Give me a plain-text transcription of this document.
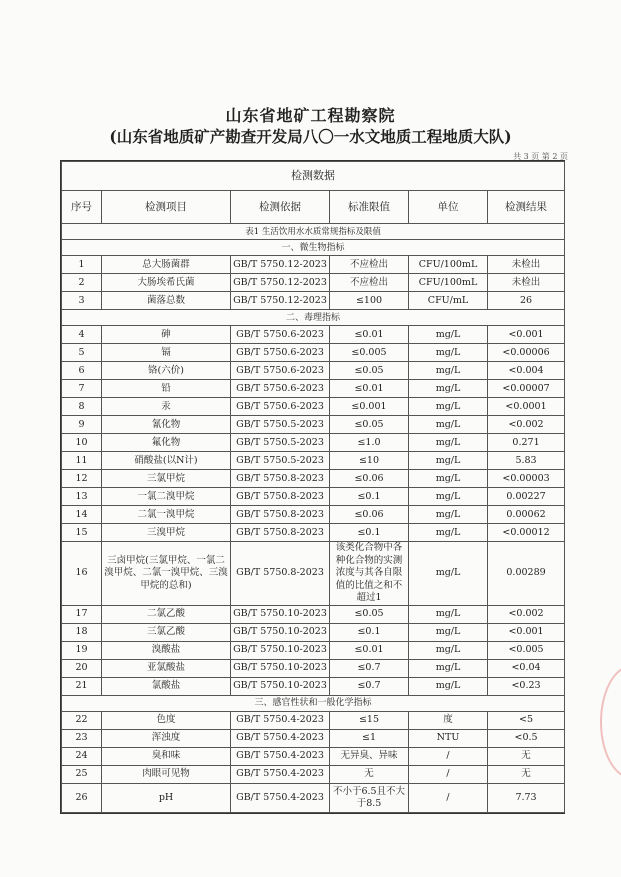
山东省地矿工程勘察院
(山东省地质矿产勘查开发局八〇一水文地质工程地质大队)
共 3 页 第 2 页
检测数据					
序号	检测项目	检测依据	标准限值	单位	检测结果
表1 生活饮用水水质常规指标及限值					
一、微生物指标					
1	总大肠菌群	GB/T 5750.12-2023	不应检出	CFU/100mL	未检出
2	大肠埃希氏菌	GB/T 5750.12-2023	不应检出	CFU/100mL	未检出
3	菌落总数	GB/T 5750.12-2023	≤100	CFU/mL	26
二、毒理指标					
4	砷	GB/T 5750.6-2023	≤0.01	mg/L	<0.001
5	镉	GB/T 5750.6-2023	≤0.005	mg/L	<0.00006
6	铬(六价)	GB/T 5750.6-2023	≤0.05	mg/L	<0.004
7	铅	GB/T 5750.6-2023	≤0.01	mg/L	<0.00007
8	汞	GB/T 5750.6-2023	≤0.001	mg/L	<0.0001
9	氰化物	GB/T 5750.5-2023	≤0.05	mg/L	<0.002
10	氟化物	GB/T 5750.5-2023	≤1.0	mg/L	0.271
11	硝酸盐(以N计)	GB/T 5750.5-2023	≤10	mg/L	5.83
12	三氯甲烷	GB/T 5750.8-2023	≤0.06	mg/L	<0.00003
13	一氯二溴甲烷	GB/T 5750.8-2023	≤0.1	mg/L	0.00227
14	二氯一溴甲烷	GB/T 5750.8-2023	≤0.06	mg/L	0.00062
15	三溴甲烷	GB/T 5750.8-2023	≤0.1	mg/L	<0.00012
16	三卤甲烷(三氯甲烷、一氯二溴甲烷、二氯一溴甲烷、三溴甲烷的总和)	GB/T 5750.8-2023	该类化合物中各种化合物的实测浓度与其各自限值的比值之和不超过1	mg/L	0.00289
17	二氯乙酸	GB/T 5750.10-2023	≤0.05	mg/L	<0.002
18	三氯乙酸	GB/T 5750.10-2023	≤0.1	mg/L	<0.001
19	溴酸盐	GB/T 5750.10-2023	≤0.01	mg/L	<0.005
20	亚氯酸盐	GB/T 5750.10-2023	≤0.7	mg/L	<0.04
21	氯酸盐	GB/T 5750.10-2023	≤0.7	mg/L	<0.23
三、感官性状和一般化学指标					
22	色度	GB/T 5750.4-2023	≤15	度	<5
23	浑浊度	GB/T 5750.4-2023	≤1	NTU	<0.5
24	臭和味	GB/T 5750.4-2023	无异臭、异味	/	无
25	肉眼可见物	GB/T 5750.4-2023	无	/	无
26	pH	GB/T 5750.4-2023	不小于6.5且不大于8.5	/	7.73
